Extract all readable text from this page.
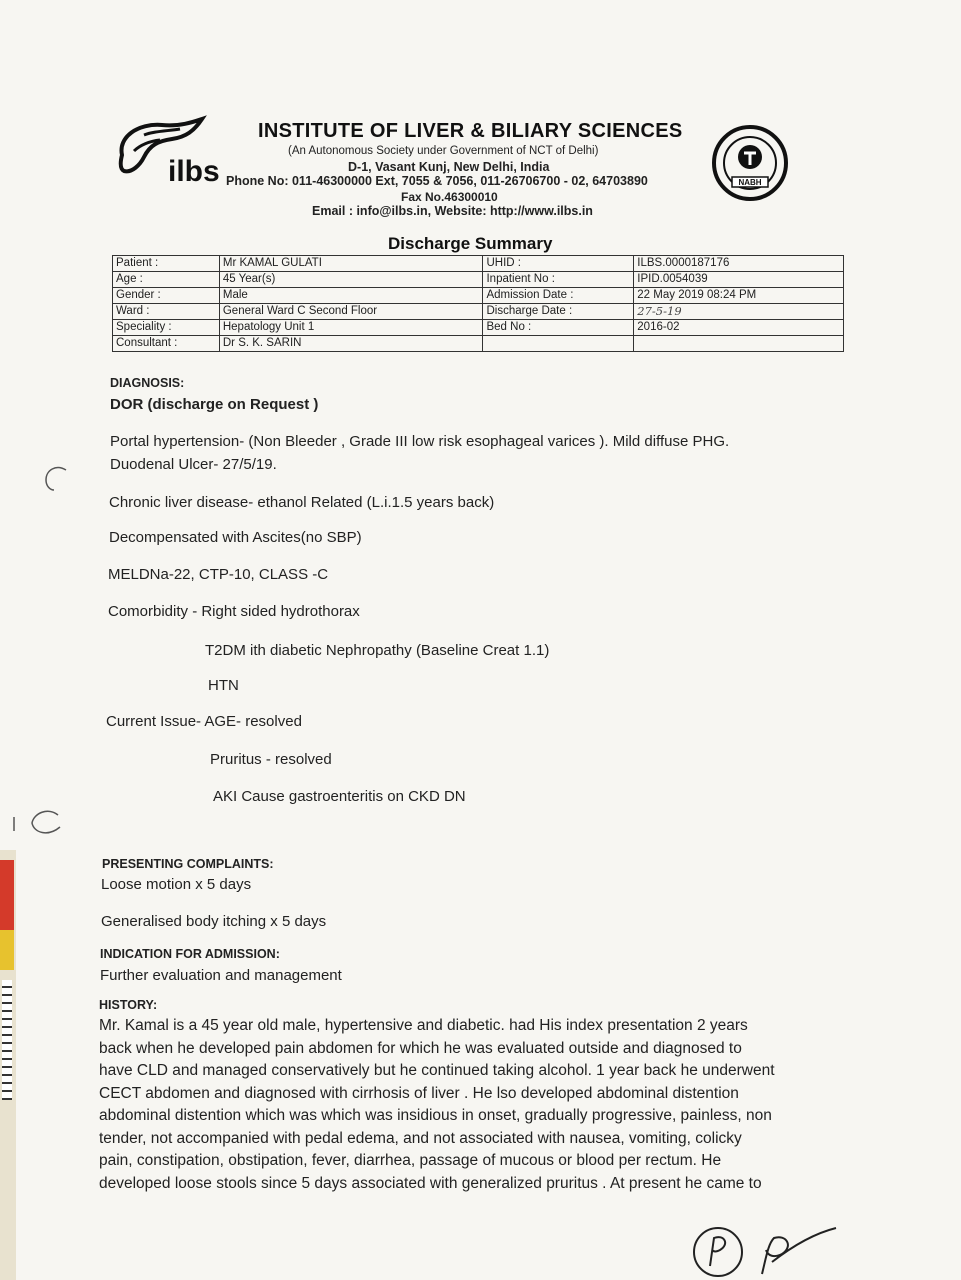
ilbs
INSTITUTE OF LIVER & BILIARY SCIENCES
(An Autonomous Society under Government of NCT of Delhi)
D-1, Vasant Kunj, New Delhi, India
Phone No: 011-46300000 Ext, 7055 & 7056, 011-26706700 - 02, 64703890
Fax No.46300010
Email : info@ilbs.in, Website: http://www.ilbs.in
NABH
Discharge Summary
Patient :	Mr KAMAL GULATI	UHID :	ILBS.0000187176
Age :	45 Year(s)	Inpatient No :	IPID.0054039
Gender :	Male	Admission Date :	22 May 2019 08:24 PM
Ward :	General Ward C Second Floor	Discharge Date :	27-5-19
Speciality :	Hepatology Unit 1	Bed No :	2016-02
Consultant :	Dr S. K. SARIN		
DIAGNOSIS:
DOR (discharge on Request )
Portal hypertension- (Non Bleeder , Grade III low risk esophageal varices ). Mild diffuse PHG.
Duodenal Ulcer- 27/5/19.
Chronic liver disease- ethanol Related (L.i.1.5 years back)
Decompensated with Ascites(no SBP)
MELDNa-22, CTP-10, CLASS -C
Comorbidity - Right sided hydrothorax
T2DM ith diabetic Nephropathy (Baseline Creat 1.1)
HTN
Current Issue- AGE- resolved
Pruritus - resolved
AKI Cause gastroenteritis on CKD DN
PRESENTING COMPLAINTS:
Loose motion x 5 days
Generalised body itching x 5 days
INDICATION FOR ADMISSION:
Further evaluation and management
HISTORY:
Mr. Kamal is a 45 year old male, hypertensive and diabetic. had His index presentation 2 years
back when he developed pain abdomen for which he was evaluated outside and diagnosed to
have CLD and managed conservatively but he continued taking alcohol. 1 year back he underwent
CECT abdomen and diagnosed with cirrhosis of liver . He lso developed abdominal distention
abdominal distention which was which was insidious in onset, gradually progressive, painless, non
tender, not accompanied with pedal edema, and not associated with nausea, vomiting, colicky
pain, constipation, obstipation, fever, diarrhea, passage of mucous or blood per rectum. He
developed loose stools since 5 days associated with generalized pruritus . At present he came to
